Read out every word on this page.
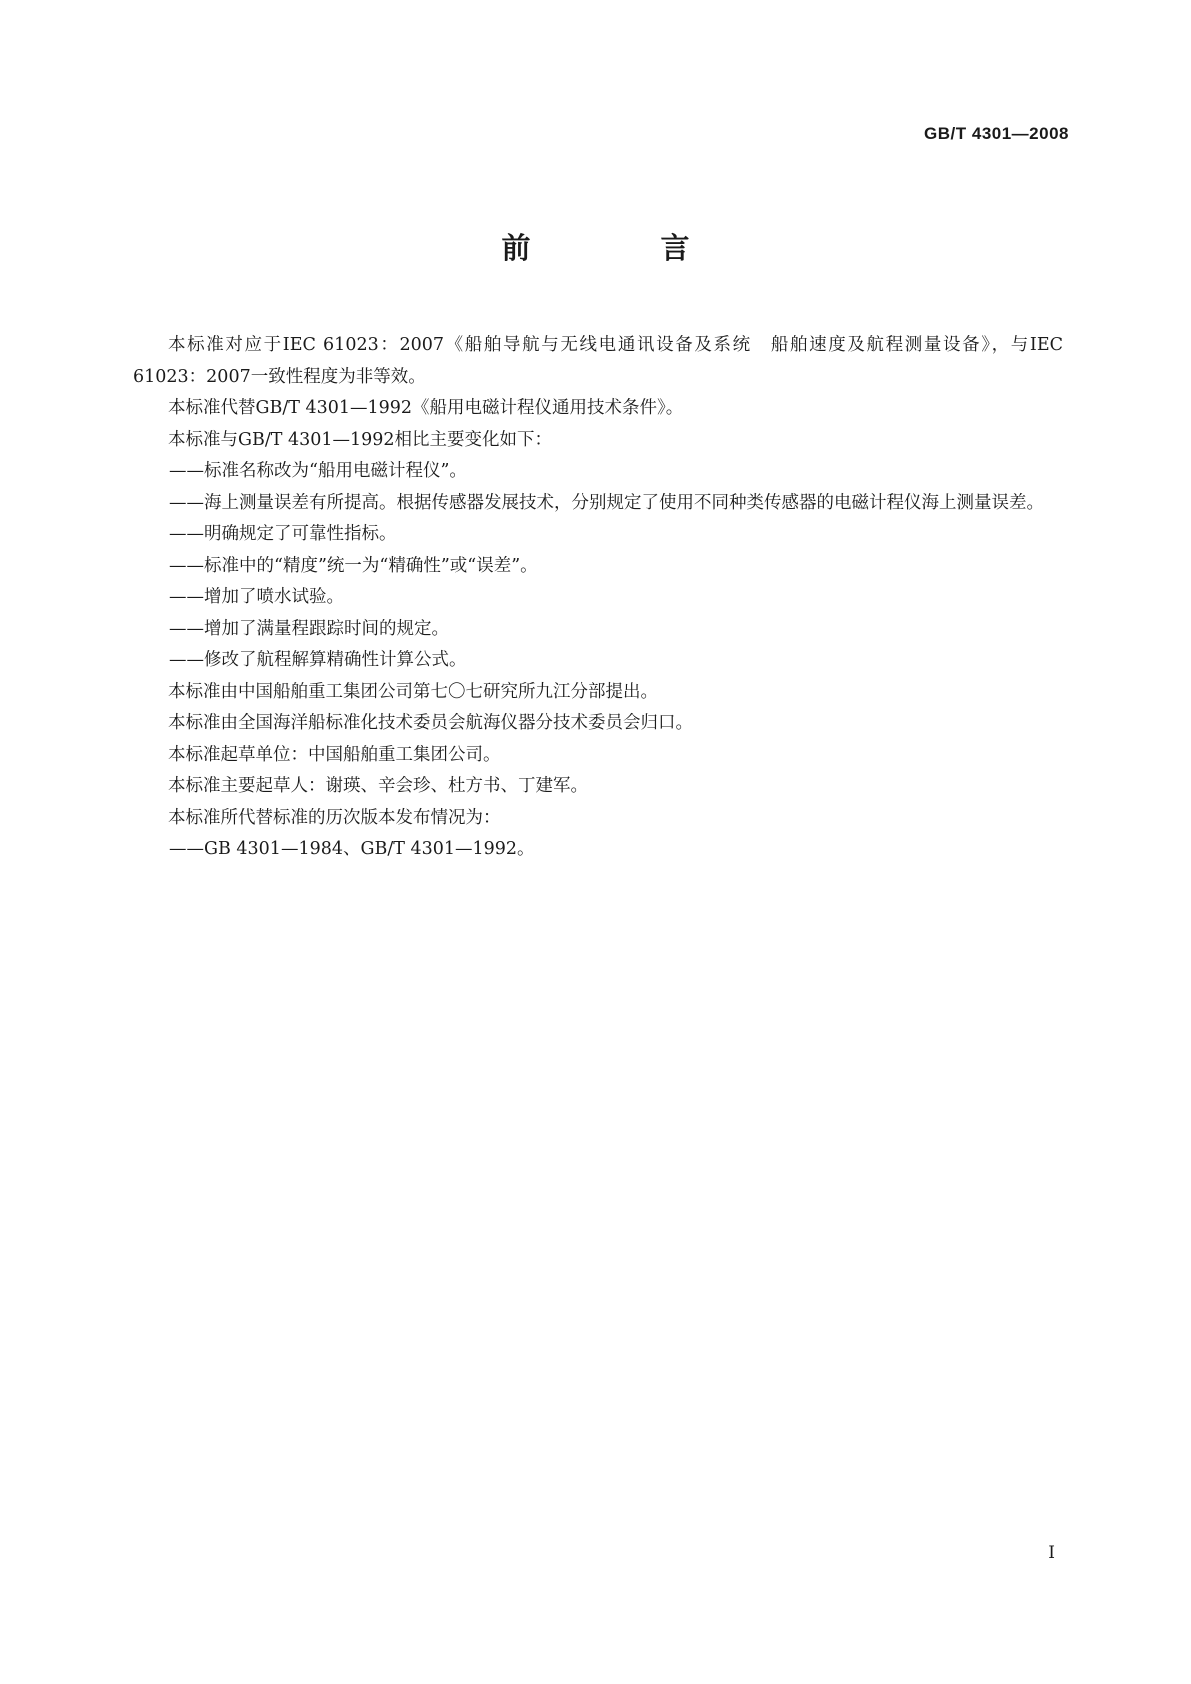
GB/T 4301—2008
前 言

本标准对应于IEC 61023：2007《船舶导航与无线电通讯设备及系统　船舶速度及航程测量设备》，与IEC 61023：2007一致性程度为非等效。

本标准代替GB/T 4301—1992《船用电磁计程仪通用技术条件》。

本标准与GB/T 4301—1992相比主要变化如下：

——标准名称改为“船用电磁计程仪”。

——海上测量误差有所提高。根据传感器发展技术，分别规定了使用不同种类传感器的电磁计程仪海上测量误差。

——明确规定了可靠性指标。

——标准中的“精度”统一为“精确性”或“误差”。

——增加了喷水试验。

——增加了满量程跟踪时间的规定。

——修改了航程解算精确性计算公式。

本标准由中国船舶重工集团公司第七〇七研究所九江分部提出。

本标准由全国海洋船标准化技术委员会航海仪器分技术委员会归口。

本标准起草单位：中国船舶重工集团公司。

本标准主要起草人：谢瑛、辛会珍、杜方书、丁建军。

本标准所代替标准的历次版本发布情况为：

——GB 4301—1984、GB/T 4301—1992。

I
